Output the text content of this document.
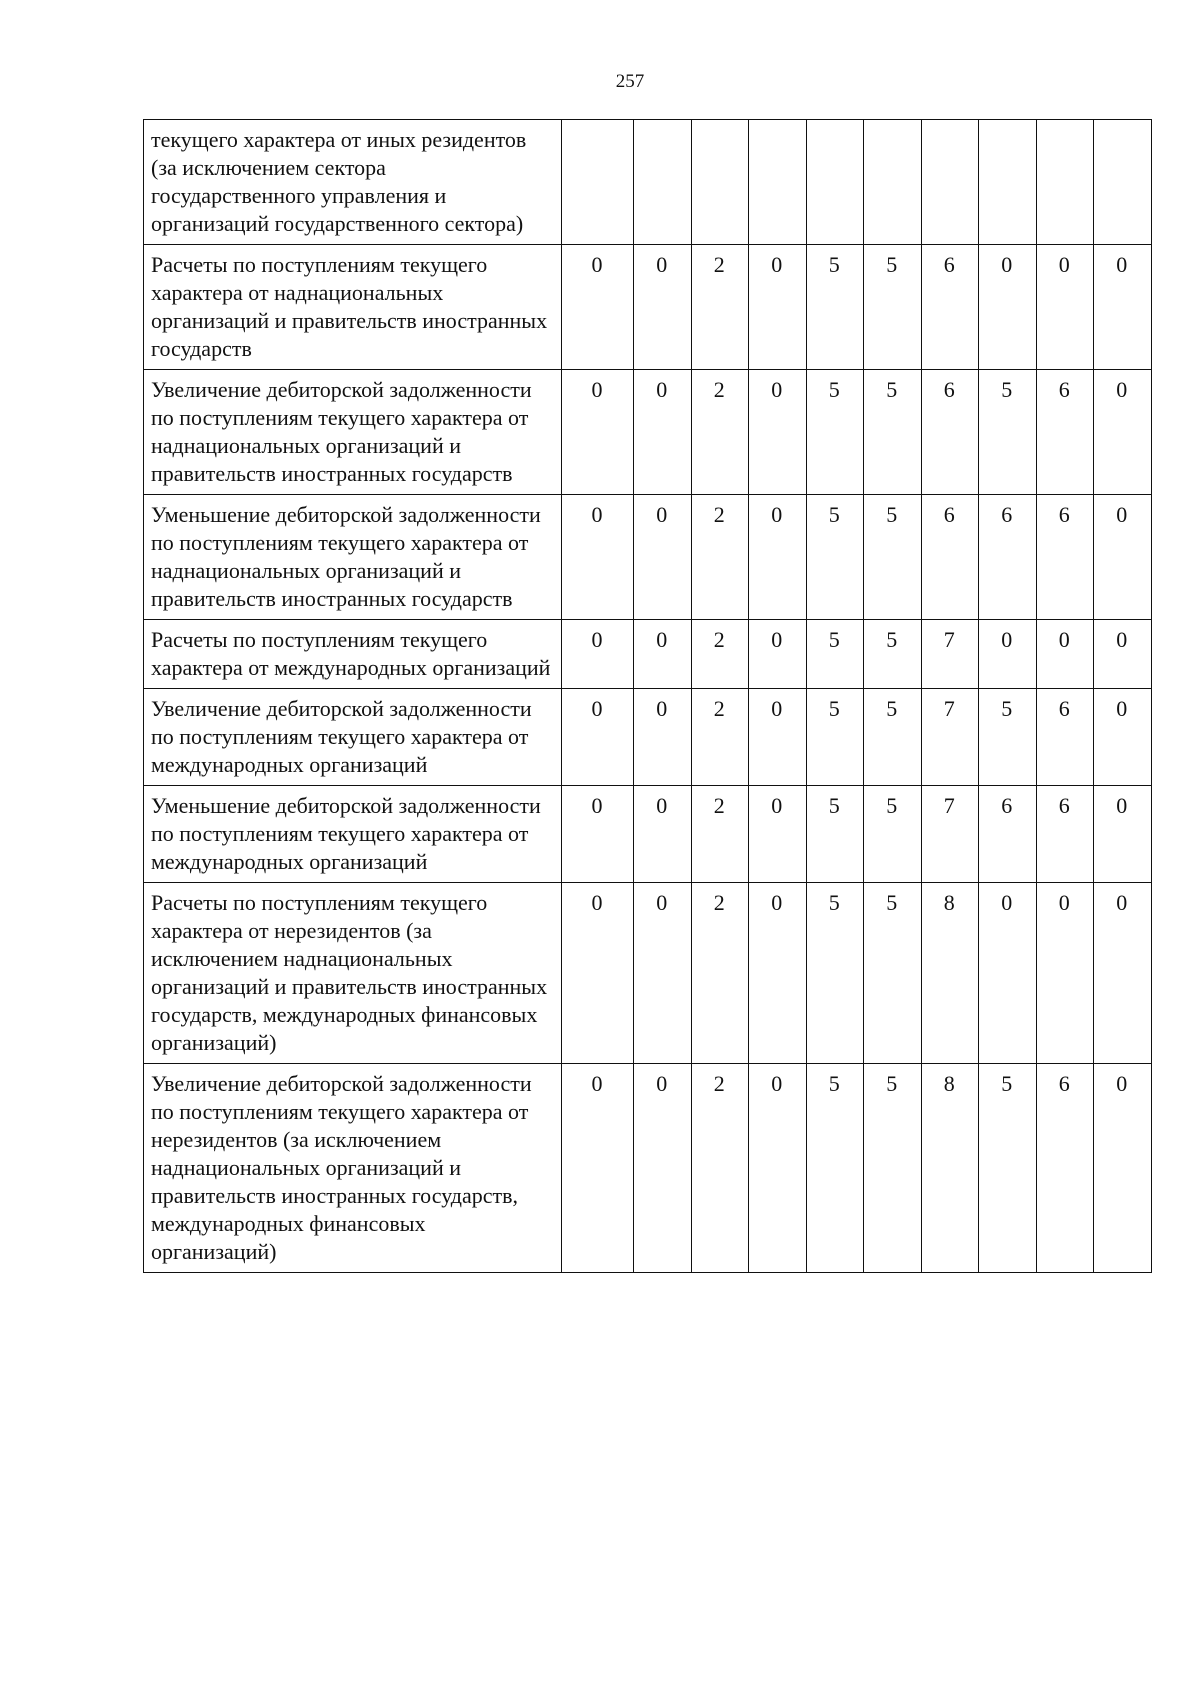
257
текущего характера от иных резидентов (за исключением сектора государственного управления и организаций государственного сектора)										
Расчеты по поступлениям текущего характера от наднациональных организаций и правительств иностранных государств	0	0	2	0	5	5	6	0	0	0
Увеличение дебиторской задолженности по поступлениям текущего характера от наднациональных организаций и правительств иностранных государств	0	0	2	0	5	5	6	5	6	0
Уменьшение дебиторской задолженности по поступлениям текущего характера от наднациональных организаций и правительств иностранных государств	0	0	2	0	5	5	6	6	6	0
Расчеты по поступлениям текущего характера от международных организаций	0	0	2	0	5	5	7	0	0	0
Увеличение дебиторской задолженности по поступлениям текущего характера от международных организаций	0	0	2	0	5	5	7	5	6	0
Уменьшение дебиторской задолженности по поступлениям текущего характера от международных организаций	0	0	2	0	5	5	7	6	6	0
Расчеты по поступлениям текущего характера от нерезидентов (за исключением наднациональных организаций и правительств иностранных государств, международных финансовых организаций)	0	0	2	0	5	5	8	0	0	0
Увеличение дебиторской задолженности по поступлениям текущего характера от нерезидентов (за исключением наднациональных организаций и правительств иностранных государств, международных финансовых организаций)	0	0	2	0	5	5	8	5	6	0
